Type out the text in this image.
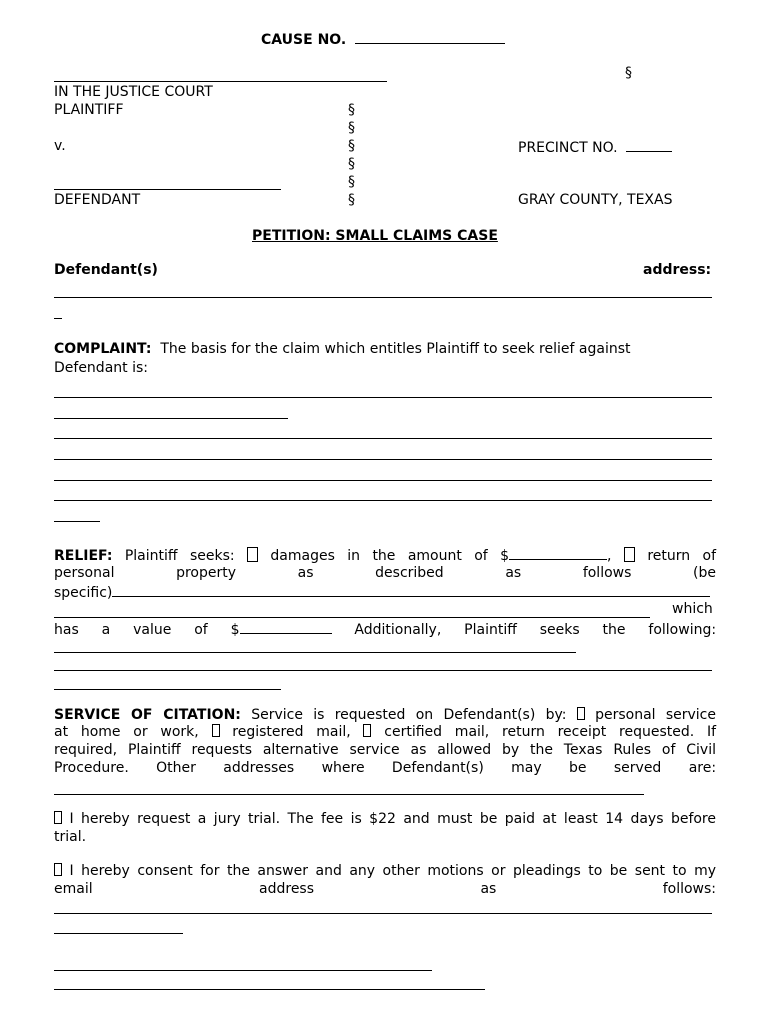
CAUSE NO.
§
IN THE JUSTICE COURT
PLAINTIFF
v.
§
§
§
§
§
§
PRECINCT NO.
DEFENDANT	GRAY COUNTY, TEXAS
PETITION: SMALL CLAIMS CASE
Defendant(s)	address:
COMPLAINT: The basis for the claim which entitles Plaintiff to seek relief against
Defendant is:
RELIEF: Plaintiff seeks:	damages in the amount of $	,	return of
personal	property	as	described	as	follows	(be
specific)
which
has a value of $	Additionally, Plaintiff seeks the following:
SERVICE OF CITATION: Service is requested on Defendant(s) by: personal service
at home or work, registered mail, certified mail, return receipt requested. If
required, Plaintiff requests alternative service as allowed by the Texas Rules of Civil
Procedure. Other addresses where Defendant(s) may be served are:
I hereby request a jury trial. The fee is $22 and must be paid at least 14 days before
trial.
I hereby consent for the answer and any other motions or pleadings to be sent to my
email	address	as	follows:
